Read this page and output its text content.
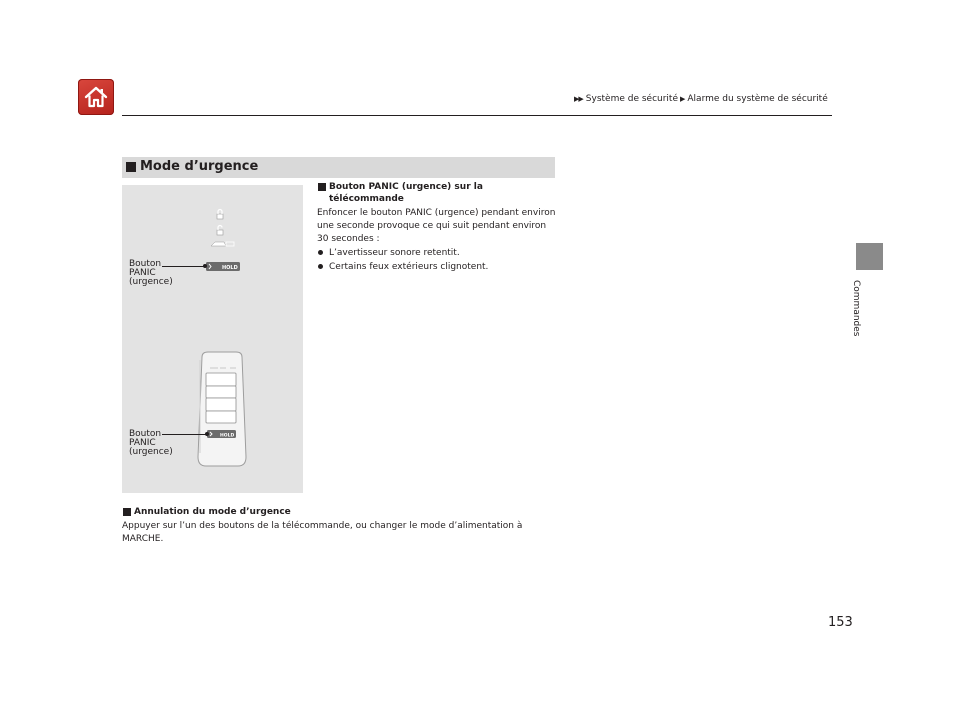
▶▶ Système de sécurité ▶ Alarme du système de sécurité
Commandes
Mode d’urgence
HOLD
HOLD
Bouton
PANIC
(urgence)
Bouton
PANIC
(urgence)
Bouton PANIC (urgence) sur la
télécommande
Enfoncer le bouton PANIC (urgence) pendant environ une seconde provoque ce qui suit pendant environ 30 secondes :
L’avertisseur sonore retentit.
Certains feux extérieurs clignotent.
Annulation du mode d’urgence
Appuyer sur l’un des boutons de la télécommande, ou changer le mode d’alimentation à MARCHE.
153
